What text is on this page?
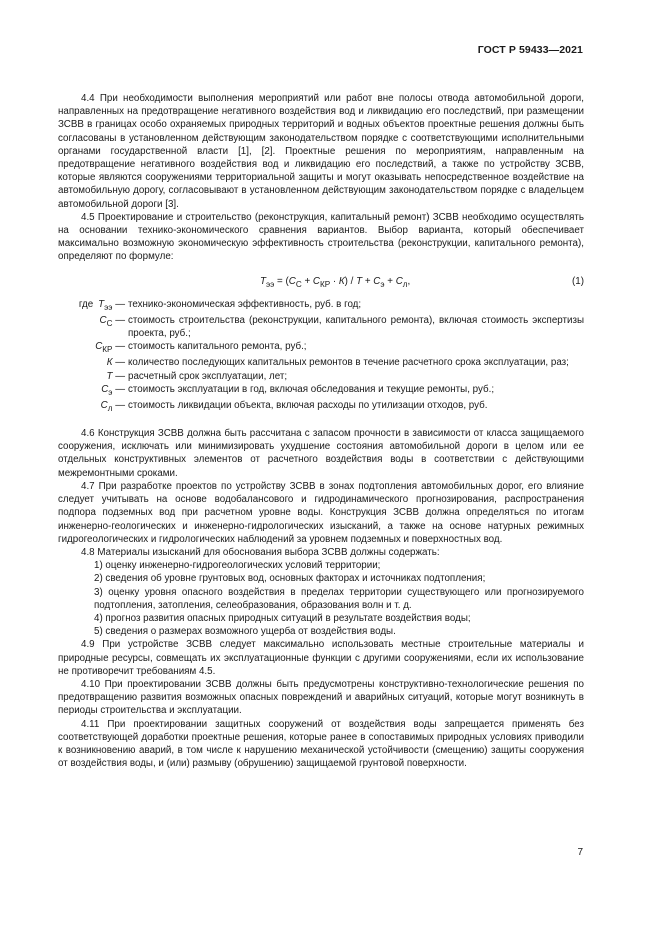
ГОСТ Р 59433—2021

4.4 При необходимости выполнения мероприятий или работ вне полосы отвода автомобильной дороги, направленных на предотвращение негативного воздействия вод и ликвидацию его последствий, при размещении ЗСВВ в границах особо охраняемых природных территорий и водных объектов проектные решения должны быть согласованы в установленном действующим законодательством порядке с соответствующими исполнительными органами государственной власти [1], [2]. Проектные решения по мероприятиям, направленным на предотвращение негативного воздействия вод и ликвидацию его последствий, а также по устройству ЗСВВ, которые являются сооружениями территориальной защиты и могут оказывать непосредственное воздействие на автомобильную дорогу, согласовывают в установленном действующим законодательством порядке с владельцем автомобильной дороги [3].

4.5 Проектирование и строительство (реконструкция, капитальный ремонт) ЗСВВ необходимо осуществлять на основании технико-экономического сравнения вариантов. Выбор варианта, который обеспечивает максимально возможную экономическую эффективность строительства (реконструкции, капитального ремонта), определяют по формуле:

$Т_{ээ} = (С_С + С_{КР} \cdot К) / Т + С_э + С_л$,	(1)
где $Т_{ээ}$ — технико-экономическая эффективность, руб. в год;
$С_С$ — стоимость строительства (реконструкции, капитального ремонта), включая стоимость экспертизы проекта, руб.;
$С_{КР}$ — стоимость капитального ремонта, руб.;
К — количество последующих капитальных ремонтов в течение расчетного срока эксплуатации, раз;
Т — расчетный срок эксплуатации, лет;
$С_э$ — стоимость эксплуатации в год, включая обследования и текущие ремонты, руб.;
$С_л$ — стоимость ликвидации объекта, включая расходы по утилизации отходов, руб.

4.6 Конструкция ЗСВВ должна быть рассчитана с запасом прочности в зависимости от класса защищаемого сооружения, исключать или минимизировать ухудшение состояния автомобильной дороги в целом или ее отдельных конструктивных элементов от расчетного воздействия воды в соответствии с действующими межремонтными сроками.

4.7 При разработке проектов по устройству ЗСВВ в зонах подтопления автомобильных дорог, его влияние следует учитывать на основе водобалансового и гидродинамического прогнозирования, распространения подпора подземных вод при расчетном уровне воды. Конструкция ЗСВВ должна определяться по итогам инженерно-геологических и инженерно-гидрологических изысканий, а также на основе натурных режимных гидрогеологических и гидрологических наблюдений за уровнем подземных и поверхностных вод.

4.8 Материалы изысканий для обоснования выбора ЗСВВ должны содержать:

1) оценку инженерно-гидрогеологических условий территории;
2) сведения об уровне грунтовых вод, основных факторах и источниках подтопления;
3) оценку уровня опасного воздействия в пределах территории существующего или прогнозируемого подтопления, затопления, селеобразования, образования волн и т. д.
4) прогноз развития опасных природных ситуаций в результате воздействия воды;
5) сведения о размерах возможного ущерба от воздействия воды.

4.9 При устройстве ЗСВВ следует максимально использовать местные строительные материалы и природные ресурсы, совмещать их эксплуатационные функции с другими сооружениями, если их использование не противоречит требованиям 4.5.

4.10 При проектировании ЗСВВ должны быть предусмотрены конструктивно-технологические решения по предотвращению развития возможных опасных повреждений и аварийных ситуаций, которые могут возникнуть в периоды строительства и эксплуатации.

4.11 При проектировании защитных сооружений от воздействия воды запрещается применять без соответствующей доработки проектные решения, которые ранее в сопоставимых природных условиях приводили к возникновению аварий, в том числе к нарушению механической устойчивости (смещению) защиты сооружения от воздействия воды, и (или) размыву (обрушению) защищаемой грунтовой поверхности.

7
